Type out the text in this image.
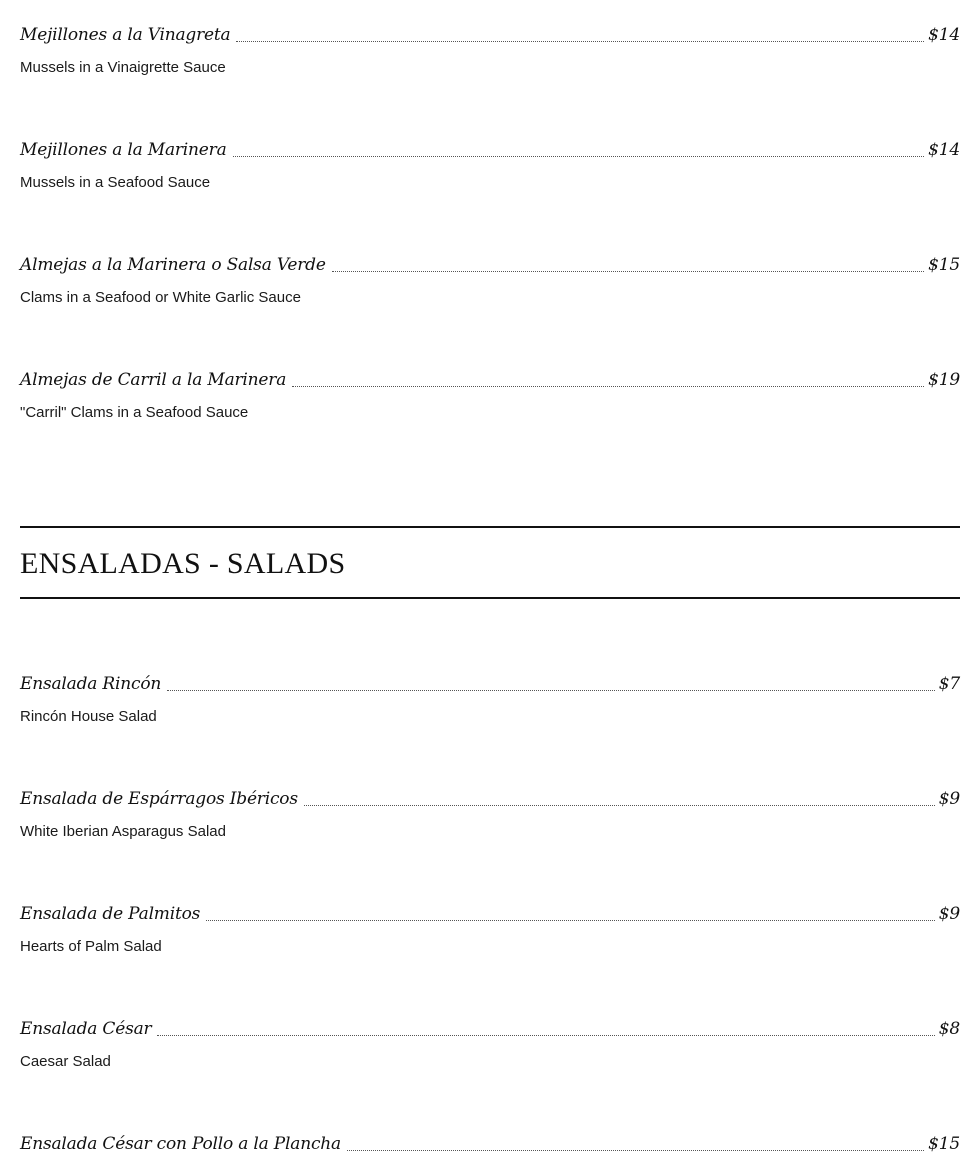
Mejillones a la Vinagreta	$14
Mussels in a Vinaigrette Sauce
Mejillones a la Marinera	$14
Mussels in a Seafood Sauce
Almejas a la Marinera o Salsa Verde	$15
Clams in a Seafood or White Garlic Sauce
Almejas de Carril a la Marinera	$19
"Carril" Clams in a Seafood Sauce
ENSALADAS - SALADS
Ensalada Rincón	$7
Rincón House Salad
Ensalada de Espárragos Ibéricos	$9
White Iberian Asparagus Salad
Ensalada de Palmitos	$9
Hearts of Palm Salad
Ensalada César	$8
Caesar Salad
Ensalada César con Pollo a la Plancha	$15
